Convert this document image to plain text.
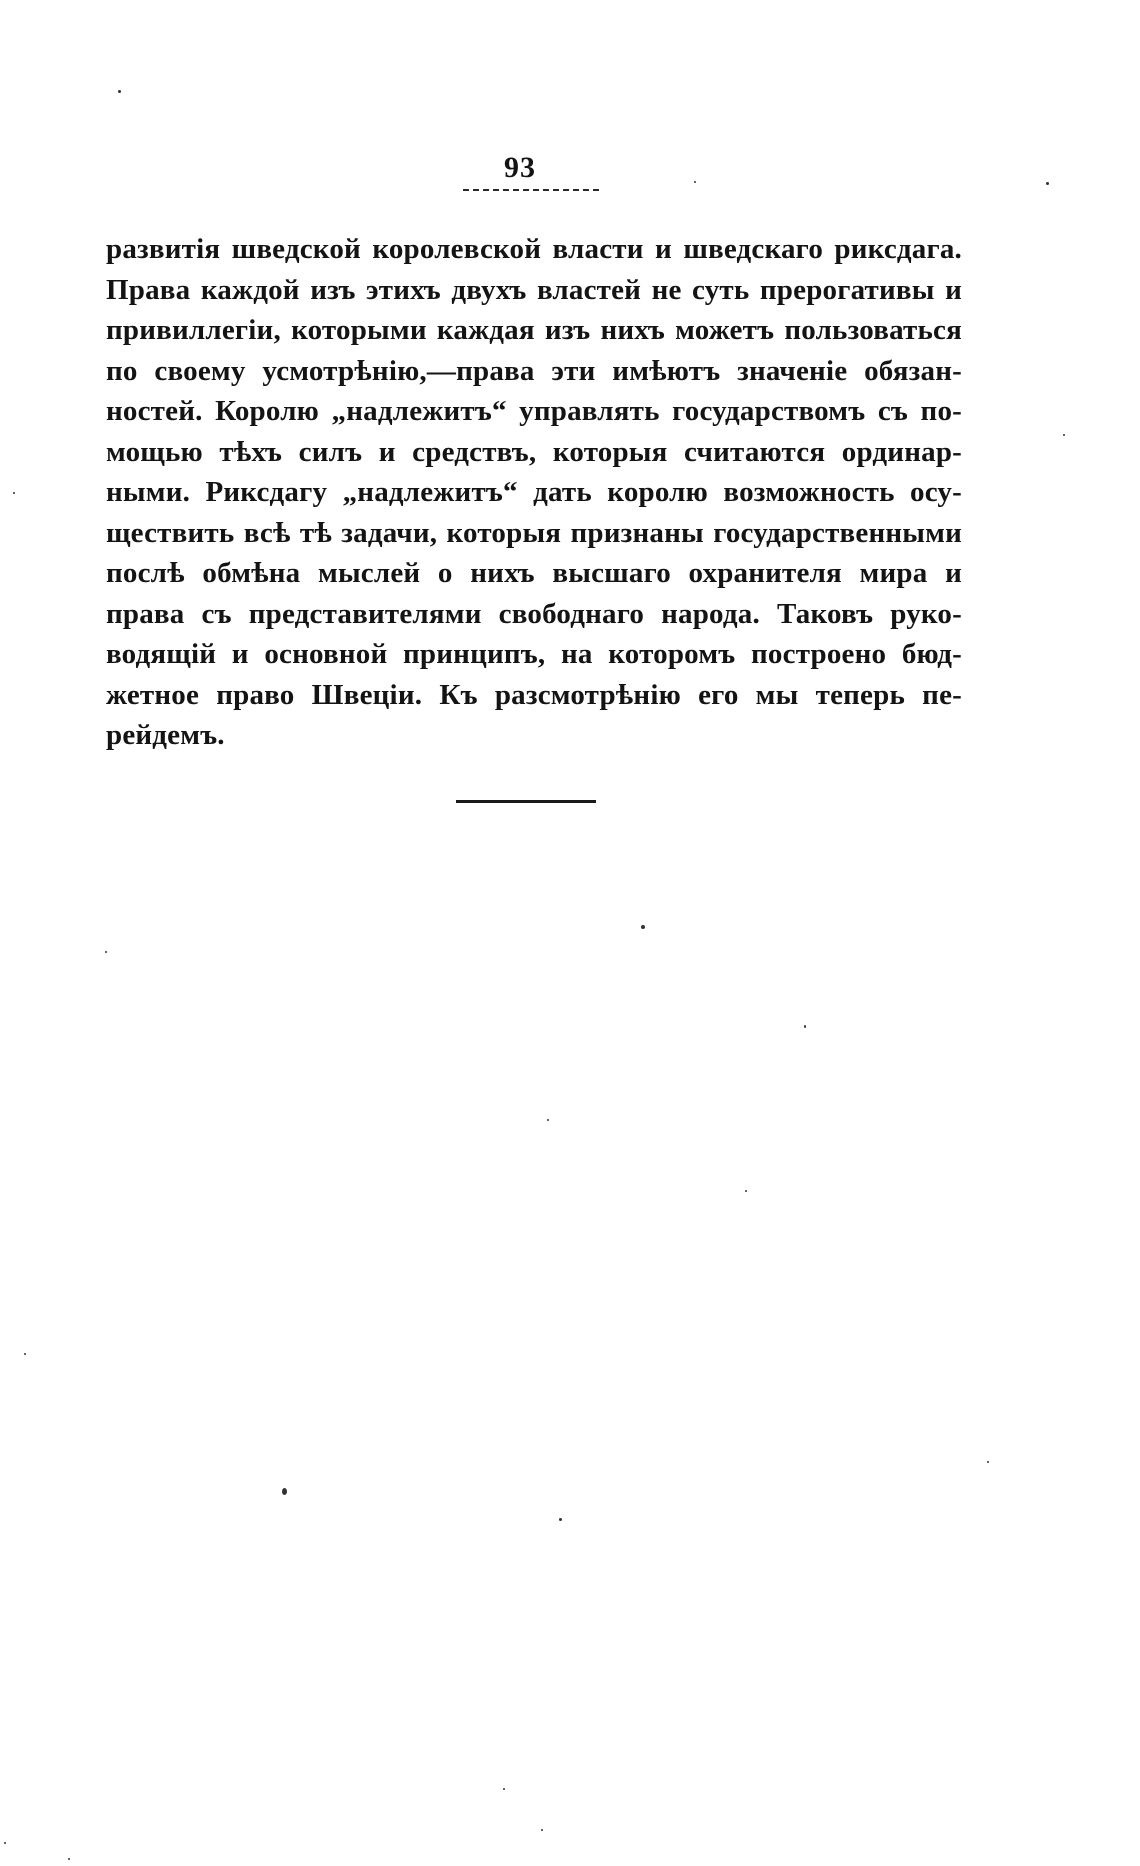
93
развитія шведской королевской власти и шведскаго риксдага.
Права каждой изъ этихъ двухъ властей не суть прерогативы и
привиллегіи, которыми каждая изъ нихъ можетъ пользоваться
по своему усмотрѣнію,—права эти имѣютъ значеніе обязан-
ностей. Королю „надлежитъ“ управлять государствомъ съ по-
мощью тѣхъ силъ и средствъ, которыя считаются ординар-
ными. Риксдагу „надлежитъ“ дать королю возможность осу-
ществить всѣ тѣ задачи, которыя признаны государственными
послѣ обмѣна мыслей о нихъ высшаго охранителя мира и
права съ представителями свободнаго народа. Таковъ руко-
водящій и основной принципъ, на которомъ построено бюд-
жетное право Швеціи. Къ разсмотрѣнію его мы теперь пе-
рейдемъ.
